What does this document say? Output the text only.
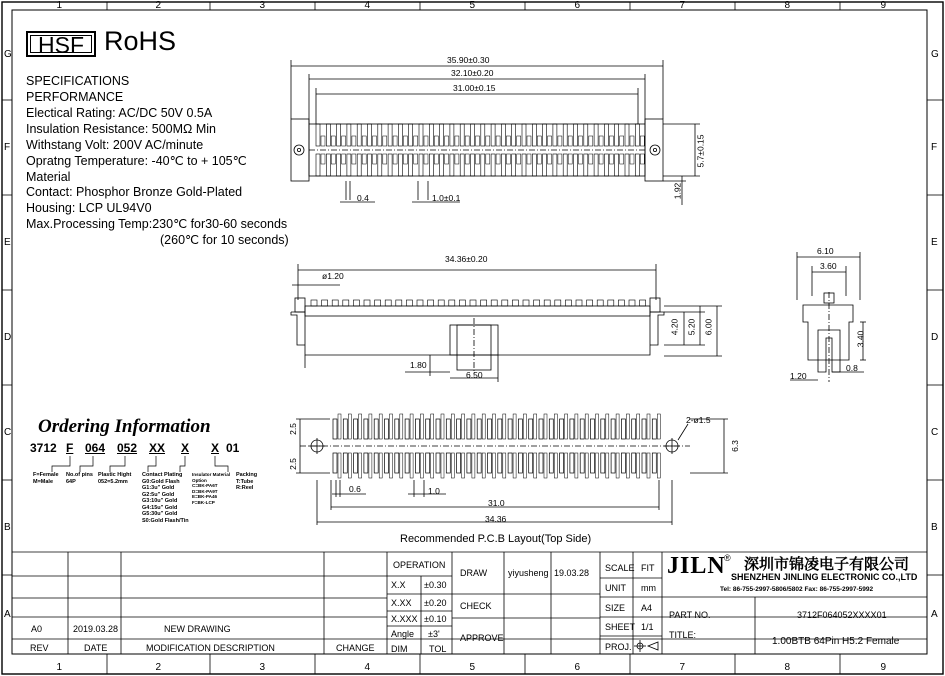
1	2	3	4	5	6	7	8	9
1	2	3	4	5	6	7	8	9
G
F
E
D
C
B
A
G
F
E
D
C
B
A
HSF RoHS
SPECIFICATIONS
PERFORMANCE
Electical Rating: AC/DC 50V 0.5A
Insulation Resistance: 500MΩ Min
Withstang Volt: 200V AC/minute
Opratng Temperature: -40℃ to + 105℃
Material
Contact: Phosphor Bronze Gold-Plated
Housing: LCP UL94V0
Max.Processing Temp:230℃ for30-60 seconds
(260℃ for 10 seconds)
Ordering Information
3712 F 064 052 XX X X 01
F=Female
M=Male
No.of pins
64P
Plastic Hight
052=5.2mm
Contact Plating
G0:Gold Flash
G1:3u" Gold
G2:5u" Gold
G3:10u" Gold
G4:15u" Gold
G5:30u" Gold
S0:Gold Flash/Tin
Insulator Material
Option
C=BK-PA6T
D=BK-PA9T
E=BK-PA46
F=BK-LCP
Packing
T:Tube
R:Reel
35.90±0.30
32.10±0.20
31.00±0.15
5.7±0.15
0.4	1.0±0.1	1.92
34.36±0.20
ø1.20
4.20 5.20 6.00
1.80
6.50
6.10
3.60
3.40
1.20
0.8
2-ø1.5
2.5
2.5
6.3
0.6	1.0
31.0
34.36
Recommended P.C.B Layout(Top Side)
A0	2019.03.28	NEW DRAWING
REV	DATE	MODIFICATION DESCRIPTION	CHANGE
OPERATION
X.X ±0.30
X.XX ±0.20
X.XXX ±0.10
Angle ±3'
DIM TOL
DRAW yiyusheng 19.03.28
CHECK
APPROVE
SCALE FIT
UNIT mm
SIZE A4
SHEET 1/1
PROJ.
JILN
® 深圳市锦凌电子有限公司
SHENZHEN JINLING ELECTRONIC CO.,LTD
Tel: 86-755-2997-5806/5802 Fax: 86-755-2997-5992
PART NO.	3712F064052XXXX01
TITLE:
1.00BTB 64Pin H5.2 Female
